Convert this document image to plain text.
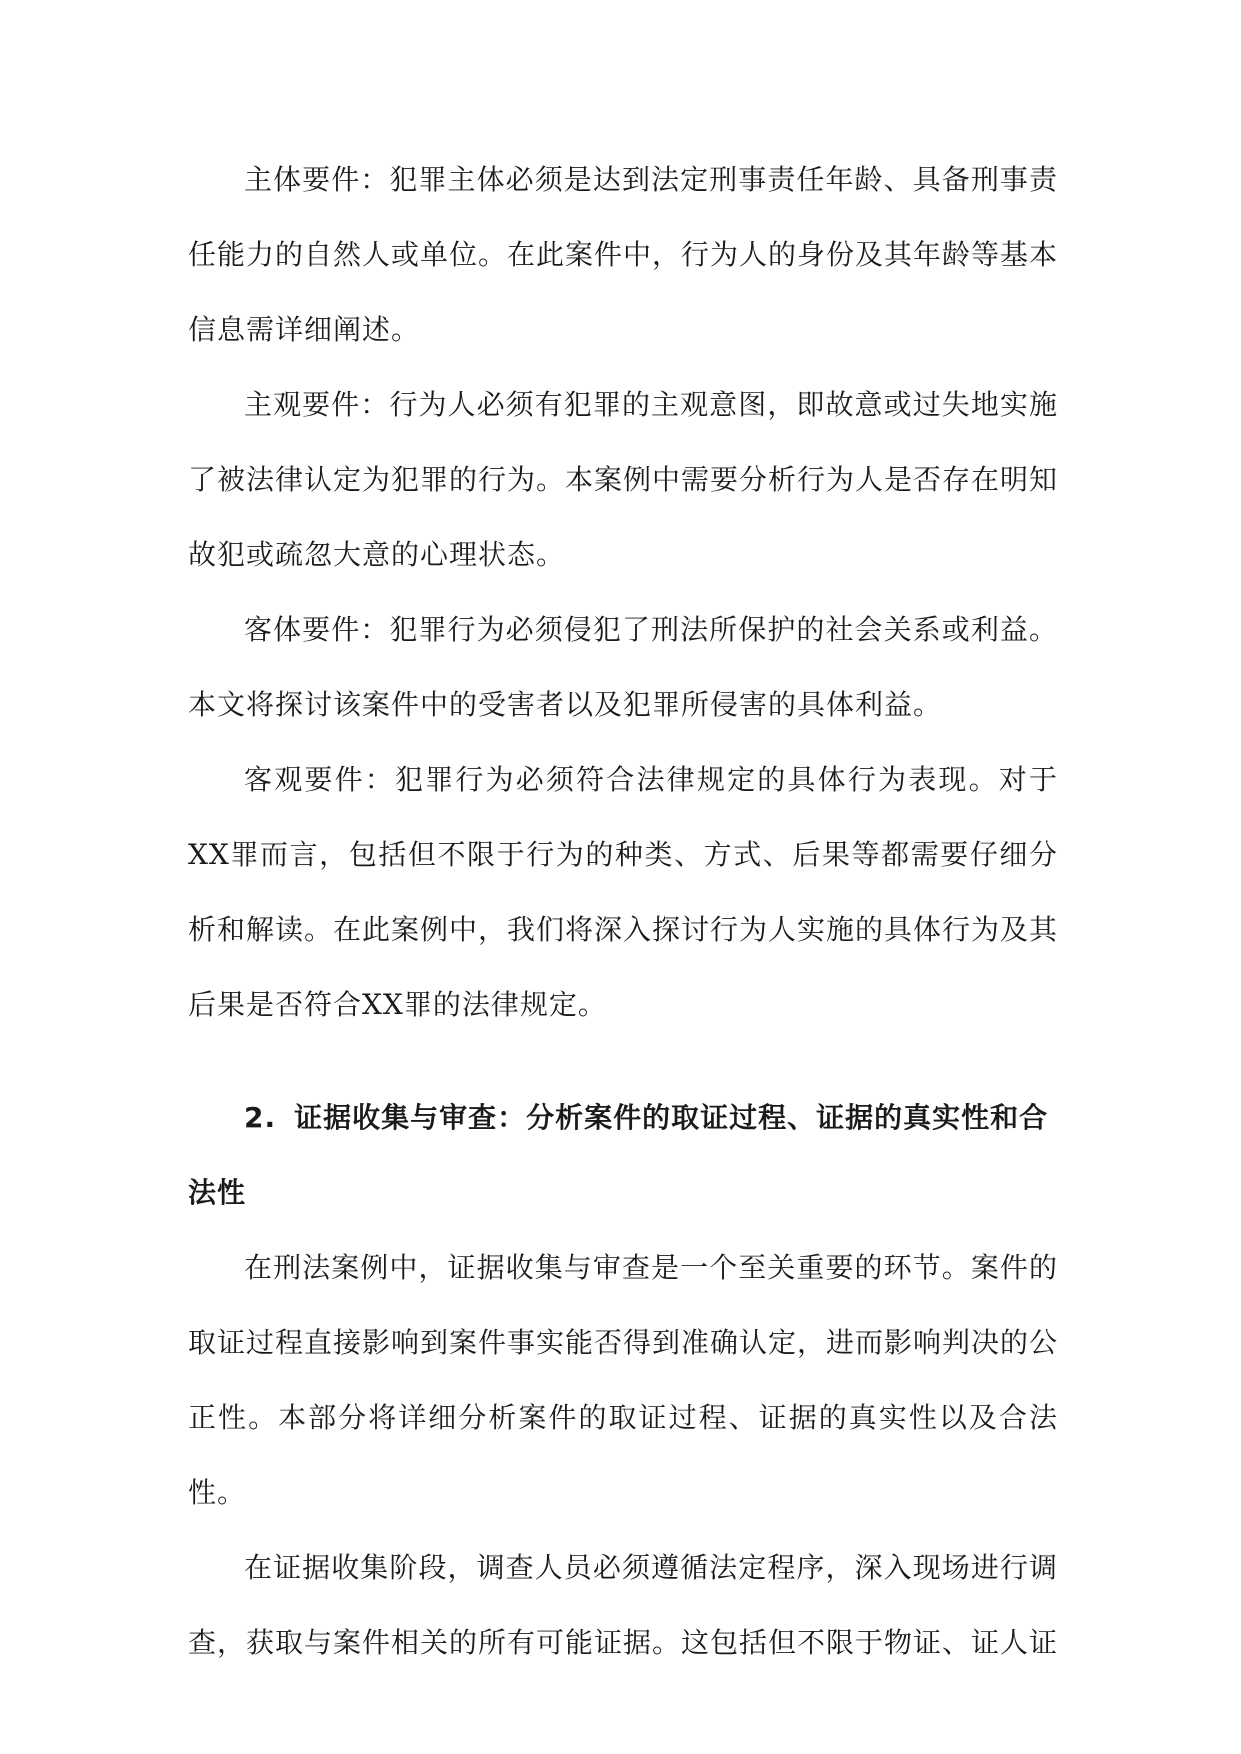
主体要件：犯罪主体必须是达到法定刑事责任年龄、具备刑事责任能力的自然人或单位。在此案件中，行为人的身份及其年龄等基本信息需详细阐述。

主观要件：行为人必须有犯罪的主观意图，即故意或过失地实施了被法律认定为犯罪的行为。本案例中需要分析行为人是否存在明知故犯或疏忽大意的心理状态。

客体要件：犯罪行为必须侵犯了刑法所保护的社会关系或利益。本文将探讨该案件中的受害者以及犯罪所侵害的具体利益。

客观要件：犯罪行为必须符合法律规定的具体行为表现。对于XX罪而言，包括但不限于行为的种类、方式、后果等都需要仔细分析和解读。在此案例中，我们将深入探讨行为人实施的具体行为及其后果是否符合XX罪的法律规定。

2. 证据收集与审查：分析案件的取证过程、证据的真实性和合法性

在刑法案例中，证据收集与审查是一个至关重要的环节。案件的取证过程直接影响到案件事实能否得到准确认定，进而影响判决的公正性。本部分将详细分析案件的取证过程、证据的真实性以及合法性。

在证据收集阶段，调查人员必须遵循法定程序，深入现场进行调查，获取与案件相关的所有可能证据。这包括但不限于物证、证人证
